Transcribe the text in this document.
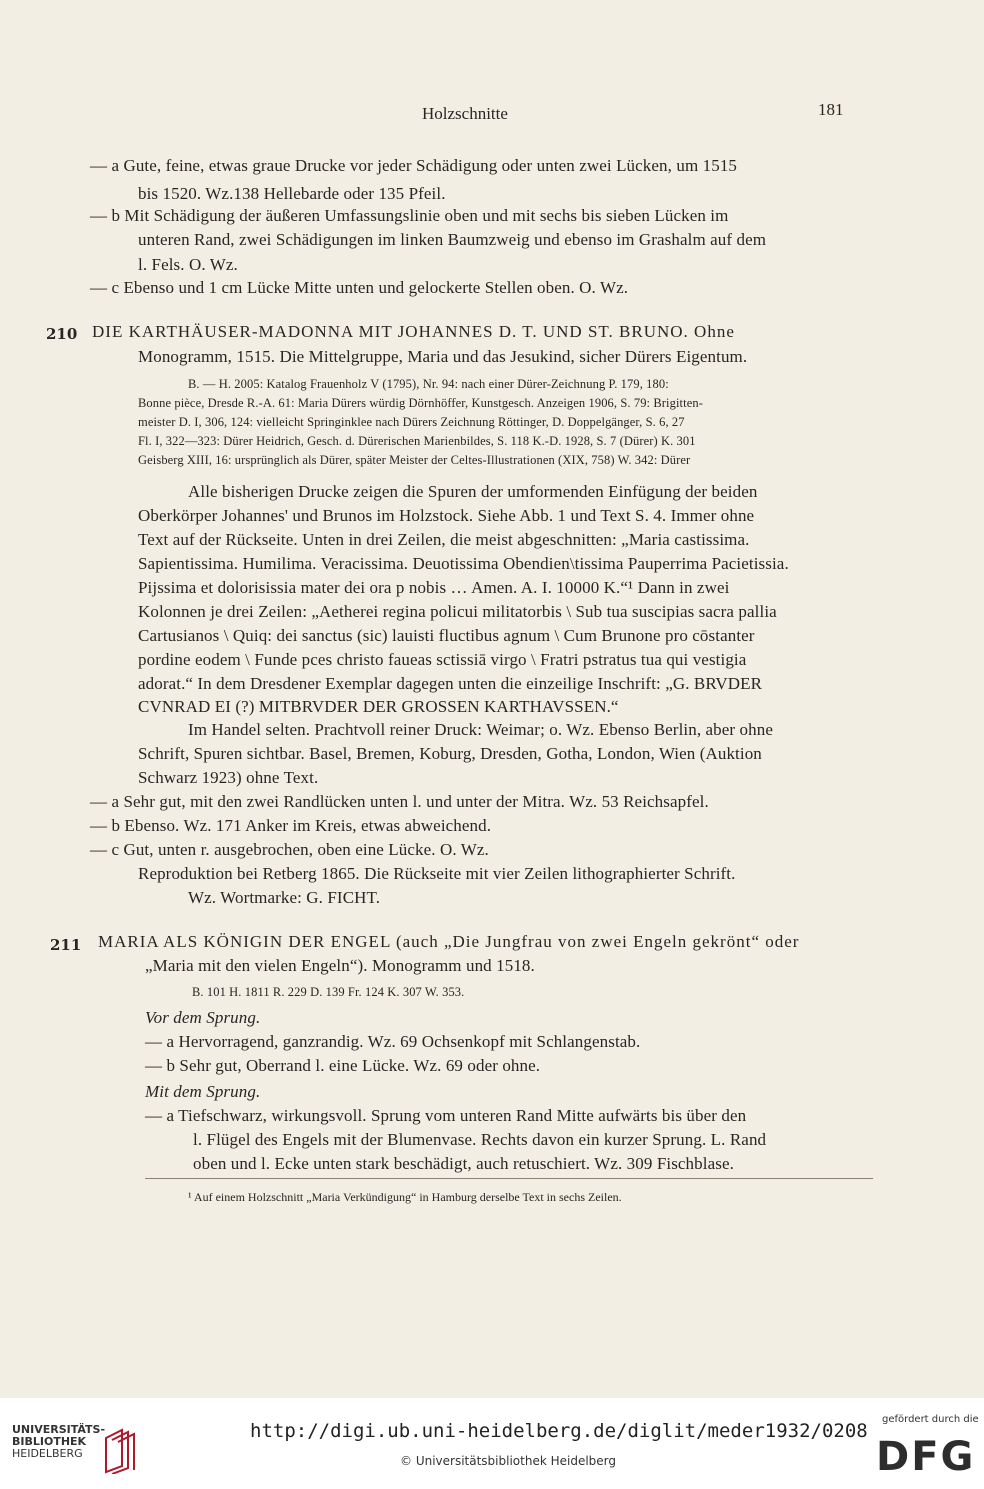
Holzschnitte	181
— a Gute, feine, etwas graue Drucke vor jeder Schädigung oder unten zwei Lücken, um 1515
bis 1520. Wz.138 Hellebarde oder 135 Pfeil.
— b Mit Schädigung der äußeren Umfassungslinie oben und mit sechs bis sieben Lücken im
unteren Rand, zwei Schädigungen im linken Baumzweig und ebenso im Grashalm auf dem
l. Fels. O. Wz.
— c Ebenso und 1 cm Lücke Mitte unten und gelockerte Stellen oben. O. Wz.
210 DIE KARTHÄUSER-MADONNA MIT JOHANNES D. T. UND ST. BRUNO. Ohne
Monogramm, 1515. Die Mittelgruppe, Maria und das Jesukind, sicher Dürers Eigentum.
B. — H. 2005: Katalog Frauenholz V (1795), Nr. 94: nach einer Dürer-Zeichnung P. 179, 180:
Bonne pièce, Dresde R.-A. 61: Maria Dürers würdig Dörnhöffer, Kunstgesch. Anzeigen 1906, S. 79: Brigitten-
meister D. I, 306, 124: vielleicht Springinklee nach Dürers Zeichnung Röttinger, D. Doppelgänger, S. 6, 27
Fl. I, 322—323: Dürer Heidrich, Gesch. d. Dürerischen Marienbildes, S. 118 K.-D. 1928, S. 7 (Dürer) K. 301
Geisberg XIII, 16: ursprünglich als Dürer, später Meister der Celtes-Illustrationen (XIX, 758) W. 342: Dürer
Alle bisherigen Drucke zeigen die Spuren der umformenden Einfügung der beiden
Oberkörper Johannes' und Brunos im Holzstock. Siehe Abb. 1 und Text S. 4. Immer ohne
Text auf der Rückseite. Unten in drei Zeilen, die meist abgeschnitten: „Maria castissima.
Sapientissima. Humilima. Veracissima. Deuotissima Obendien\tissima Pauperrima Pacietissia.
Pijssima et dolorisissia mater dei ora p nobis … Amen. A. I. 10000 K.“¹ Dann in zwei
Kolonnen je drei Zeilen: „Aetherei regina policui militatorbis \ Sub tua suscipias sacra pallia
Cartusianos \ Quiq: dei sanctus (sic) lauisti fluctibus agnum \ Cum Brunone pro cōstanter
pordine eodem \ Funde pces christo faueas sctissiā virgo \ Fratri pstratus tua qui vestigia
adorat.“ In dem Dresdener Exemplar dagegen unten die einzeilige Inschrift: „G. BRVDER
CVNRAD EI (?) MITBRVDER DER GROSSEN KARTHAVSSEN.“
Im Handel selten. Prachtvoll reiner Druck: Weimar; o. Wz. Ebenso Berlin, aber ohne
Schrift, Spuren sichtbar. Basel, Bremen, Koburg, Dresden, Gotha, London, Wien (Auktion
Schwarz 1923) ohne Text.
— a Sehr gut, mit den zwei Randlücken unten l. und unter der Mitra. Wz. 53 Reichsapfel.
— b Ebenso. Wz. 171 Anker im Kreis, etwas abweichend.
— c Gut, unten r. ausgebrochen, oben eine Lücke. O. Wz.
Reproduktion bei Retberg 1865. Die Rückseite mit vier Zeilen lithographierter Schrift.
Wz. Wortmarke: G. FICHT.
211 MARIA ALS KÖNIGIN DER ENGEL (auch „Die Jungfrau von zwei Engeln gekrönt“ oder
„Maria mit den vielen Engeln“). Monogramm und 1518.
B. 101 H. 1811 R. 229 D. 139 Fr. 124 K. 307 W. 353.
Vor dem Sprung.
— a Hervorragend, ganzrandig. Wz. 69 Ochsenkopf mit Schlangenstab.
— b Sehr gut, Oberrand l. eine Lücke. Wz. 69 oder ohne.
Mit dem Sprung.
— a Tiefschwarz, wirkungsvoll. Sprung vom unteren Rand Mitte aufwärts bis über den
l. Flügel des Engels mit der Blumenvase. Rechts davon ein kurzer Sprung. L. Rand
oben und l. Ecke unten stark beschädigt, auch retuschiert. Wz. 309 Fischblase.
¹ Auf einem Holzschnitt „Maria Verkündigung“ in Hamburg derselbe Text in sechs Zeilen.
UNIVERSITÄTS-
BIBLIOTHEK
HEIDELBERG
http://digi.ub.uni-heidelberg.de/diglit/meder1932/0208
© Universitätsbibliothek Heidelberg
gefördert durch die
DFG
